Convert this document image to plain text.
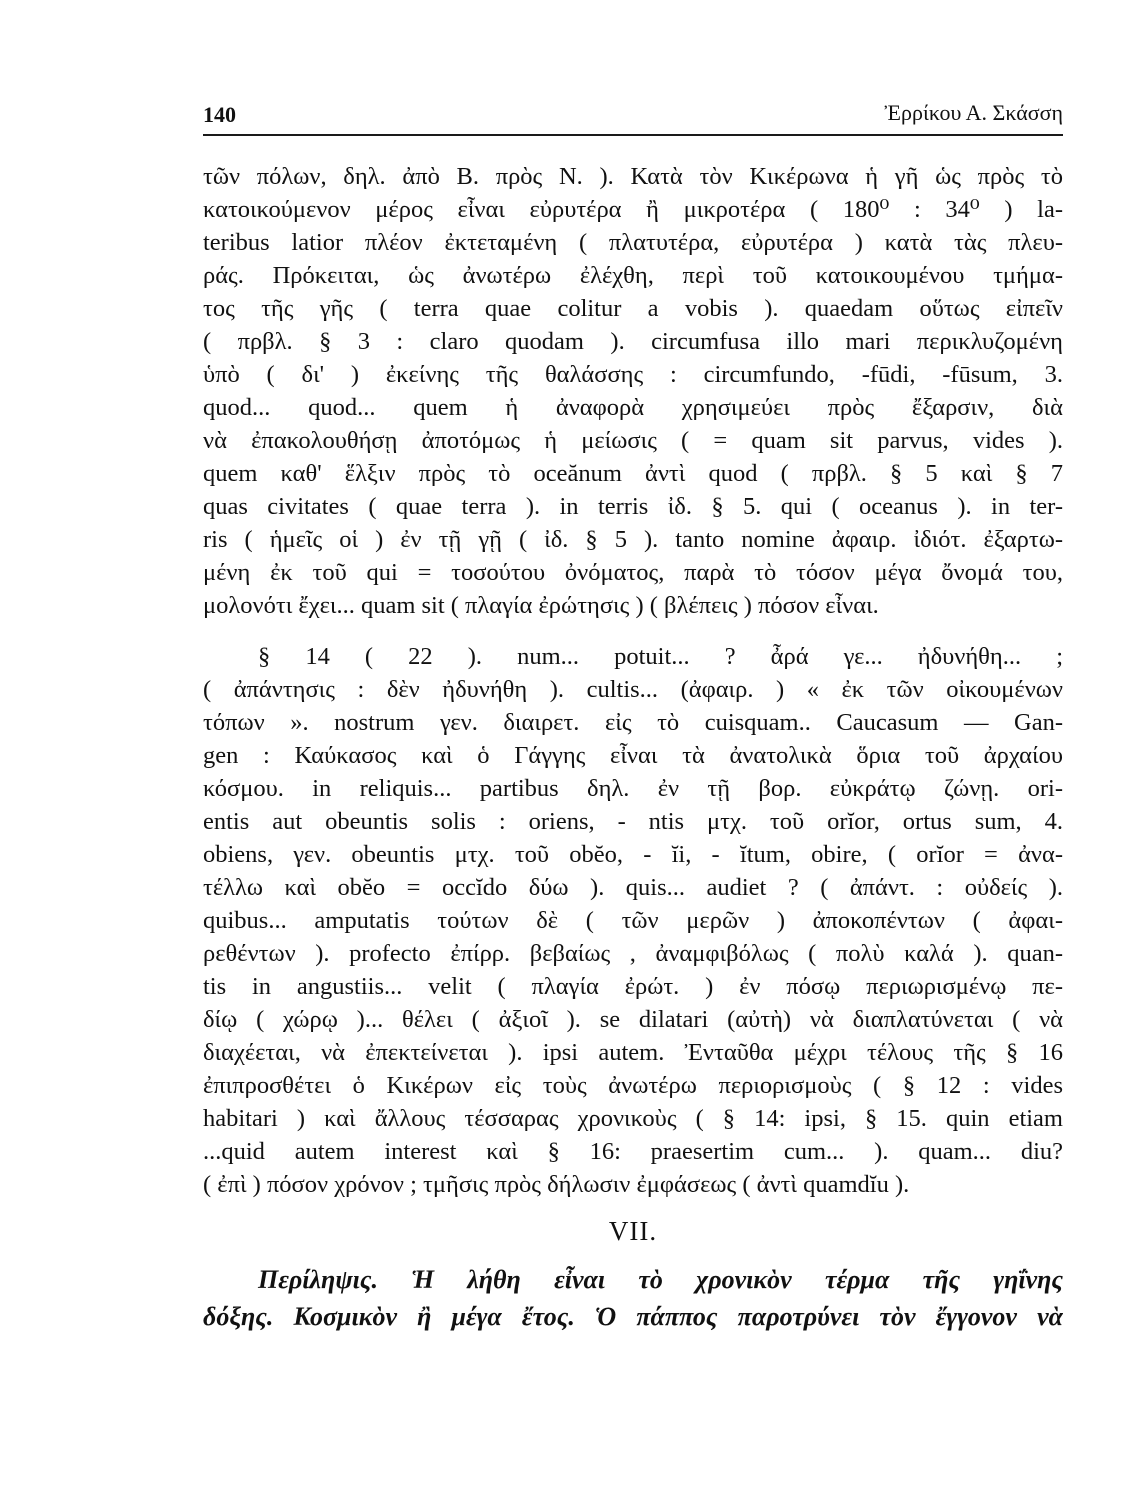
140	Ἐρρίκου Α. Σκάσση
τῶν πόλων, δηλ. ἀπὸ Β. πρὸς Ν. ). Κατὰ τὸν Κικέρωνα ἡ γῆ ὡς πρὸς τὸ
κατοικούμενον μέρος εἶναι εὐρυτέρα ἢ μικροτέρα ( 180⁰ : 34⁰ ) la-
teribus latior πλέον ἐκτεταμένη ( πλατυτέρα, εὐρυτέρα ) κατὰ τὰς πλευ-
ράς. Πρόκειται, ὡς ἀνωτέρω ἐλέχθη, περὶ τοῦ κατοικουμένου τμήμα-
τος τῆς γῆς ( terra quae colitur a vobis ). quaedam οὕτως εἰπεῖν
( πρβλ. § 3 : claro quodam ). circumfusa illo mari περικλυζομένη
ὑπὸ ( δι' ) ἐκείνης τῆς θαλάσσης : circumfundo, -fūdi, -fūsum, 3.
quod... quod... quem ἡ ἀναφορὰ χρησιμεύει πρὸς ἔξαρσιν, διὰ
νὰ ἐπακολουθήσῃ ἀποτόμως ἡ μείωσις ( = quam sit parvus, vides ).
quem καθ' ἕλξιν πρὸς τὸ oceănum ἀντὶ quod ( πρβλ. § 5 καὶ § 7
quas civitates ( quae terra ). in terris ἰδ. § 5. qui ( oceanus ). in ter-
ris ( ἡμεῖς οἱ ) ἐν τῇ γῇ ( ἰδ. § 5 ). tanto nomine ἀφαιρ. ἰδιότ. ἐξαρτω-
μένη ἐκ τοῦ qui = τοσούτου ὀνόματος, παρὰ τὸ τόσον μέγα ὄνομά του,
μολονότι ἔχει... quam sit ( πλαγία ἐρώτησις ) ( βλέπεις ) πόσον εἶναι.
§ 14 ( 22 ). num... potuit... ? ἆρά γε... ἠδυνήθη... ;
( ἀπάντησις : δὲν ἠδυνήθη ). cultis... (ἀφαιρ. ) « ἐκ τῶν οἰκουμένων
τόπων ». nostrum γεν. διαιρετ. εἰς τὸ cuisquam.. Caucasum — Gan-
gen : Καύκασος καὶ ὁ Γάγγης εἶναι τὰ ἀνατολικὰ ὅρια τοῦ ἀρχαίου
κόσμου. in reliquis... partibus δηλ. ἐν τῇ βορ. εὐκράτῳ ζώνῃ. ori-
entis aut obeuntis solis : oriens, - ntis μτχ. τοῦ orĭor, ortus sum, 4.
obiens, γεν. obeuntis μτχ. τοῦ obĕo, - ĭi, - ĭtum, obire, ( orĭor = ἀνα-
τέλλω καὶ obĕo = occĭdo δύω ). quis... audiet ? ( ἀπάντ. : οὐδείς ).
quibus... amputatis τούτων δὲ ( τῶν μερῶν ) ἀποκοπέντων ( ἀφαι-
ρεθέντων ). profecto ἐπίρρ. βεβαίως , ἀναμφιβόλως ( πολὺ καλά ). quan-
tis in angustiis... velit ( πλαγία ἐρώτ. ) ἐν πόσῳ περιωρισμένῳ πε-
δίῳ ( χώρῳ )... θέλει ( ἀξιοῖ ). se dilatari (αὐτὴ) νὰ διαπλατύνεται ( νὰ
διαχέεται, νὰ ἐπεκτείνεται ). ipsi autem. Ἐνταῦθα μέχρι τέλους τῆς § 16
ἐπιπροσθέτει ὁ Κικέρων εἰς τοὺς ἀνωτέρω περιορισμοὺς ( § 12 : vides
habitari ) καὶ ἄλλους τέσσαρας χρονικοὺς ( § 14: ipsi, § 15. quin etiam
...quid autem interest καὶ § 16: praesertim cum... ). quam... diu?
( ἐπὶ ) πόσον χρόνον ; τμῆσις πρὸς δήλωσιν ἐμφάσεως ( ἀντὶ quamdĭu ).
VII.
Περίληψις. Ἡ λήθη εἶναι τὸ χρονικὸν τέρμα τῆς γηΐνης
δόξης. Κοσμικὸν ἢ μέγα ἔτος. Ὁ πάππος παροτρύνει τὸν ἔγγονον νὰ
